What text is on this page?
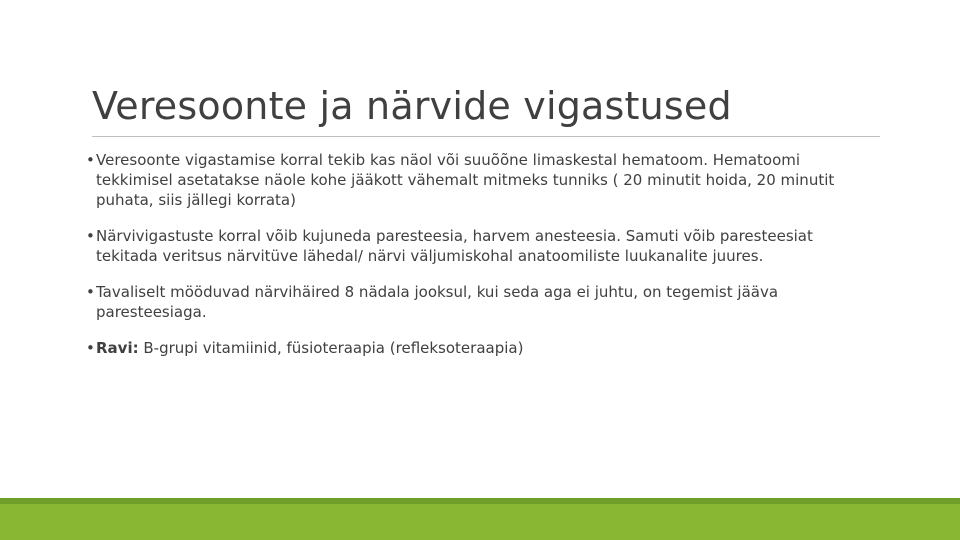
Veresoonte ja närvide vigastused
• Veresoonte vigastamise korral tekib kas näol või suuõõne limaskestal hematoom. Hematoomi tekkimisel asetatakse näole kohe jääkott vähemalt mitmeks tunniks ( 20 minutit hoida, 20 minutit puhata, siis jällegi korrata)
• Närvivigastuste korral võib kujuneda paresteesia, harvem anesteesia. Samuti võib paresteesiat tekitada veritsus närvitüve lähedal/ närvi väljumiskohal anatoomiliste luukanalite juures.
• Tavaliselt mööduvad närvihäired 8 nädala jooksul, kui seda aga ei juhtu, on tegemist jääva paresteesiaga.
• Ravi: B-grupi vitamiinid, füsioteraapia (refleksoteraapia)
